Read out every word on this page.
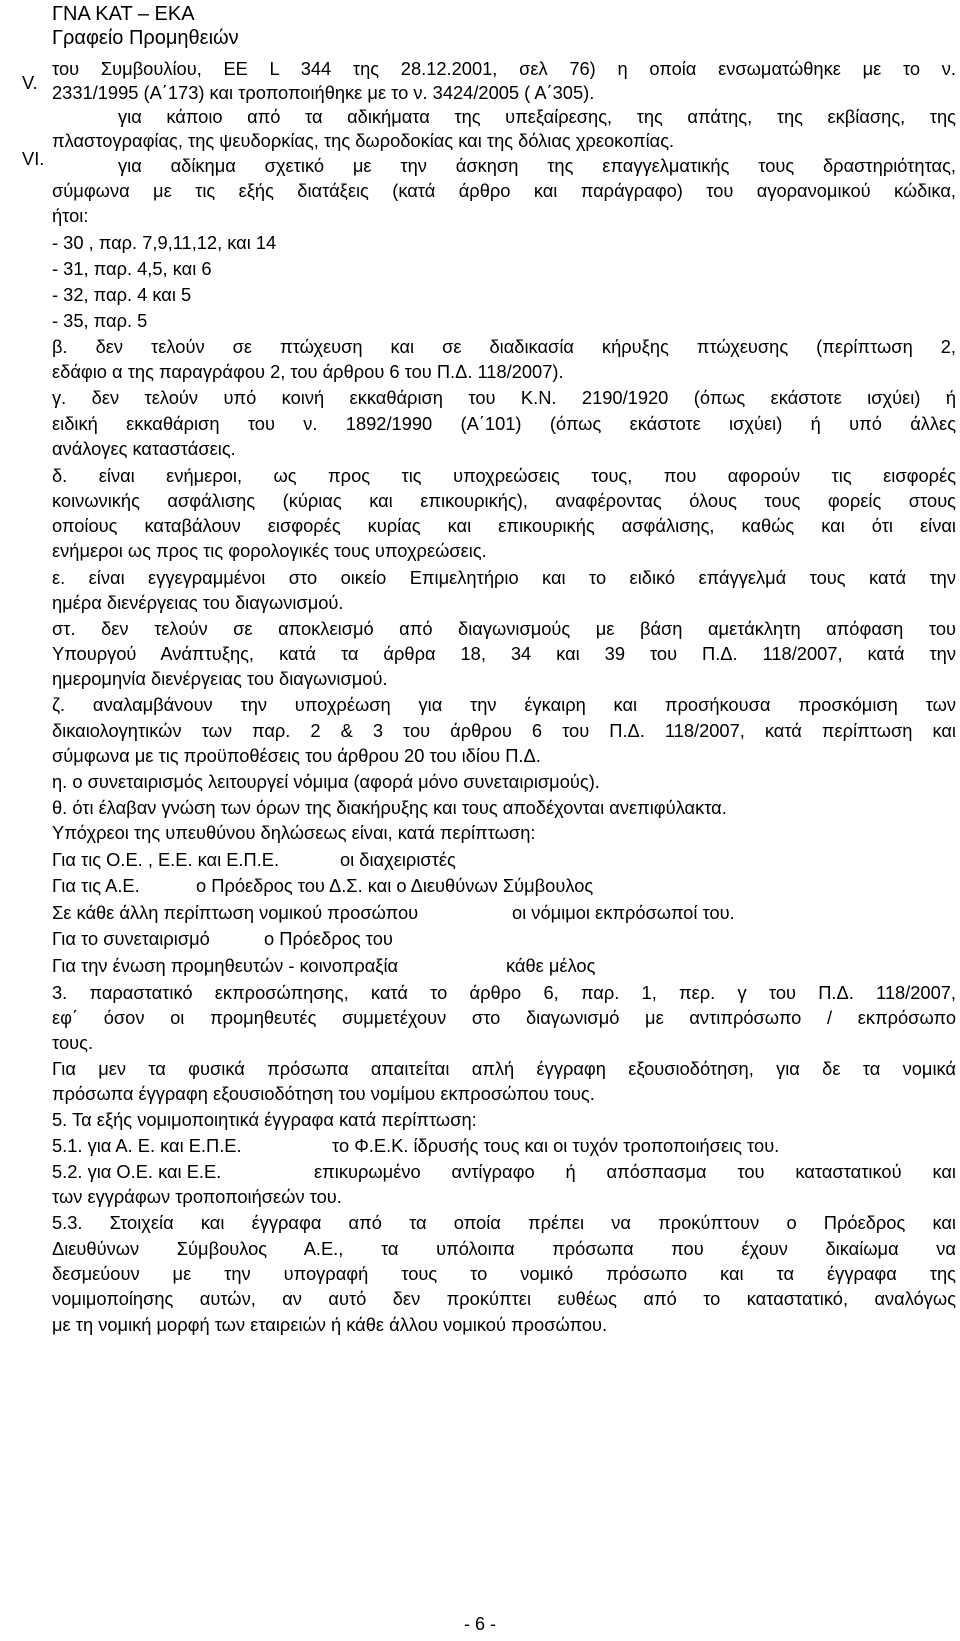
ΓΝΑ ΚΑΤ – ΕΚΑ
Γραφείο Προμηθειών
V.
VI.
του Συμβουλίου, ΕΕ L 344 της 28.12.2001, σελ 76) η οποία ενσωματώθηκε με το ν.
2331/1995 (Α΄173) και τροποποιήθηκε με το ν. 3424/2005 ( Α΄305).
για κάποιο από τα αδικήματα της υπεξαίρεσης, της απάτης, της εκβίασης, της
πλαστογραφίας, της ψευδορκίας, της δωροδοκίας και της δόλιας χρεοκοπίας.
για αδίκημα σχετικό με την άσκηση της επαγγελματικής τους δραστηριότητας,
σύμφωνα με τις εξής διατάξεις (κατά άρθρο και παράγραφο) του αγορανομικού κώδικα,
ήτοι:
- 30 , παρ. 7,9,11,12, και 14
- 31, παρ. 4,5, και 6
- 32, παρ. 4 και 5
- 35, παρ. 5
β. δεν τελούν σε πτώχευση και σε διαδικασία κήρυξης πτώχευσης (περίπτωση 2,
εδάφιο α της παραγράφου 2, του άρθρου 6 του Π.Δ. 118/2007).
γ. δεν τελούν υπό κοινή εκκαθάριση του Κ.Ν. 2190/1920 (όπως εκάστοτε ισχύει) ή
ειδική εκκαθάριση του ν. 1892/1990 (Α΄101) (όπως εκάστοτε ισχύει) ή υπό άλλες
ανάλογες καταστάσεις.
δ. είναι ενήμεροι, ως προς τις υποχρεώσεις τους, που αφορούν τις εισφορές
κοινωνικής ασφάλισης (κύριας και επικουρικής), αναφέροντας όλους τους φορείς στους
οποίους καταβάλουν εισφορές κυρίας και επικουρικής ασφάλισης, καθώς και ότι είναι
ενήμεροι ως προς τις φορολογικές τους υποχρεώσεις.
ε. είναι εγγεγραμμένοι στο οικείο Επιμελητήριο και το ειδικό επάγγελμά τους κατά την
ημέρα διενέργειας του διαγωνισμού.
στ. δεν τελούν σε αποκλεισμό από διαγωνισμούς με βάση αμετάκλητη απόφαση του
Υπουργού Ανάπτυξης, κατά τα άρθρα 18, 34 και 39 του Π.Δ. 118/2007, κατά την
ημερομηνία διενέργειας του διαγωνισμού.
ζ. αναλαμβάνουν την υποχρέωση για την έγκαιρη και προσήκουσα προσκόμιση των
δικαιολογητικών των παρ. 2 & 3 του άρθρου 6 του Π.Δ. 118/2007, κατά περίπτωση και
σύμφωνα με τις προϋποθέσεις του άρθρου 20 του ιδίου Π.Δ.
η. ο συνεταιρισμός λειτουργεί νόμιμα (αφορά μόνο συνεταιρισμούς).
θ. ότι έλαβαν γνώση των όρων της διακήρυξης και τους αποδέχονται ανεπιφύλακτα.
Υπόχρεοι της υπευθύνου δηλώσεως είναι, κατά περίπτωση:
Για τις Ο.Ε. , Ε.Ε. και Ε.Π.Ε.	οι διαχειριστές
Για τις Α.Ε.	ο Πρόεδρος του Δ.Σ. και ο Διευθύνων Σύμβουλος
Σε κάθε άλλη περίπτωση νομικού προσώπου	οι νόμιμοι εκπρόσωποί του.
Για το συνεταιρισμό	ο Πρόεδρος του
Για την ένωση προμηθευτών - κοινοπραξία	κάθε μέλος
3. παραστατικό εκπροσώπησης, κατά το άρθρο 6, παρ. 1, περ. γ του Π.Δ. 118/2007,
εφ΄ όσον οι προμηθευτές συμμετέχουν στο διαγωνισμό με αντιπρόσωπο / εκπρόσωπο
τους.
Για μεν τα φυσικά πρόσωπα απαιτείται απλή έγγραφη εξουσιοδότηση, για δε τα νομικά
πρόσωπα έγγραφη εξουσιοδότηση του νομίμου εκπροσώπου τους.
5. Τα εξής νομιμοποιητικά έγγραφα κατά περίπτωση:
5.1. για Α. Ε. και Ε.Π.Ε.	το Φ.Ε.Κ. ίδρυσής τους και οι τυχόν τροποποιήσεις του.
5.2. για Ο.Ε. και Ε.Ε.	επικυρωμένο αντίγραφο ή απόσπασμα του καταστατικού και
των εγγράφων τροποποιήσεών του.
5.3. Στοιχεία και έγγραφα από τα οποία πρέπει να προκύπτουν ο Πρόεδρος και
Διευθύνων Σύμβουλος Α.Ε., τα υπόλοιπα πρόσωπα που έχουν δικαίωμα να
δεσμεύουν με την υπογραφή τους το νομικό πρόσωπο και τα έγγραφα της
νομιμοποίησης αυτών, αν αυτό δεν προκύπτει ευθέως από το καταστατικό, αναλόγως
με τη νομική μορφή των εταιρειών ή κάθε άλλου νομικού προσώπου.
- 6 -
